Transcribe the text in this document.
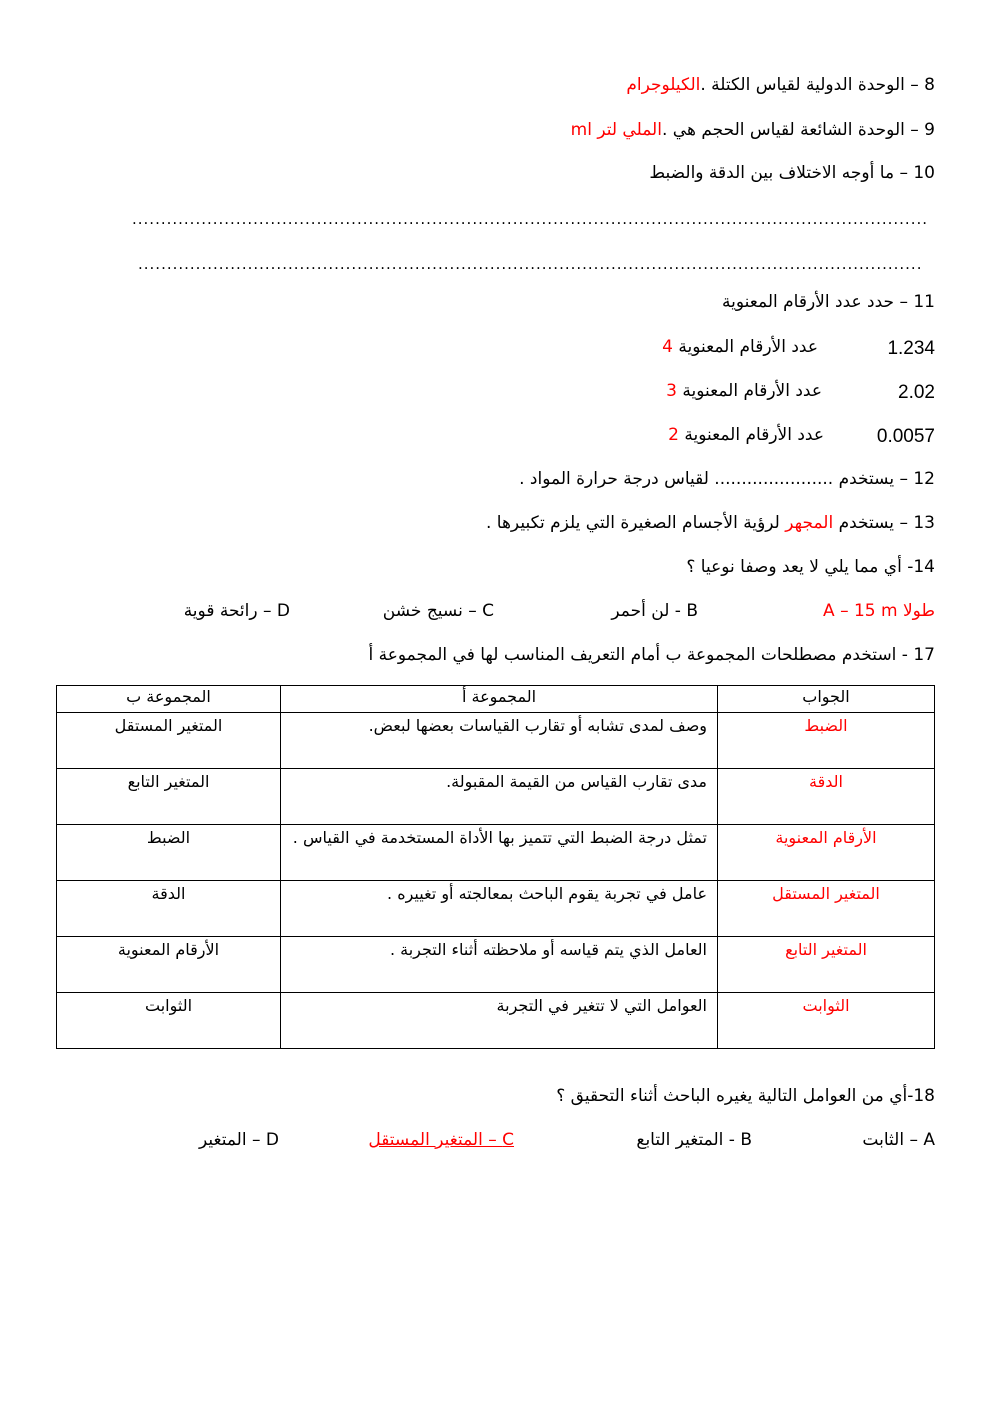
8 – الوحدة الدولية لقياس الكتلة .الكيلوجرام
9 – الوحدة الشائعة لقياس الحجم هي .الملي لتر ml
10 – ما أوجه الاختلاف بين الدقة والضبط
..........................................................................................................................................
........................................................................................................................................
11 – حدد عدد الأرقام المعنوية
عدد الأرقام المعنوية 4	1.234
عدد الأرقام المعنوية 3	2.02
عدد الأرقام المعنوية 2	0.0057
12 – يستخدم ...................... لقياس درجة حرارة المواد .
13 – يستخدم المجهر لرؤية الأجسام الصغيرة التي يلزم تكبيرها .
14- أي مما يلي لا يعد وصفا نوعيا ؟
A – 15 m طولا
B - لن أحمر
C – نسيج خشن
D – رائحة قوية
17 - استخدم مصطلحات المجموعة ب أمام التعريف المناسب لها في المجموعة أ
الجواب	المجموعة أ	المجموعة ب
الضبط	وصف لمدى تشابه أو تقارب القياسات بعضها لبعض.	المتغير المستقل
الدقة	مدى تقارب القياس من القيمة المقبولة.	المتغير التابع
الأرقام المعنوية	تمثل درجة الضبط التي تتميز بها الأداة المستخدمة في القياس .	الضبط
المتغير المستقل	عامل في تجربة يقوم الباحث بمعالجته أو تغييره .	الدقة
المتغير التابع	العامل الذي يتم قياسه أو ملاحظته أثناء التجربة .	الأرقام المعنوية
الثوابت	العوامل التي لا تتغير في التجربة	الثوابت
18-أي من العوامل التالية يغيره الباحث أثناء التحقيق ؟
A – الثابت
B - المتغير التابع
C – المتغير المستقل
D – المتغير
